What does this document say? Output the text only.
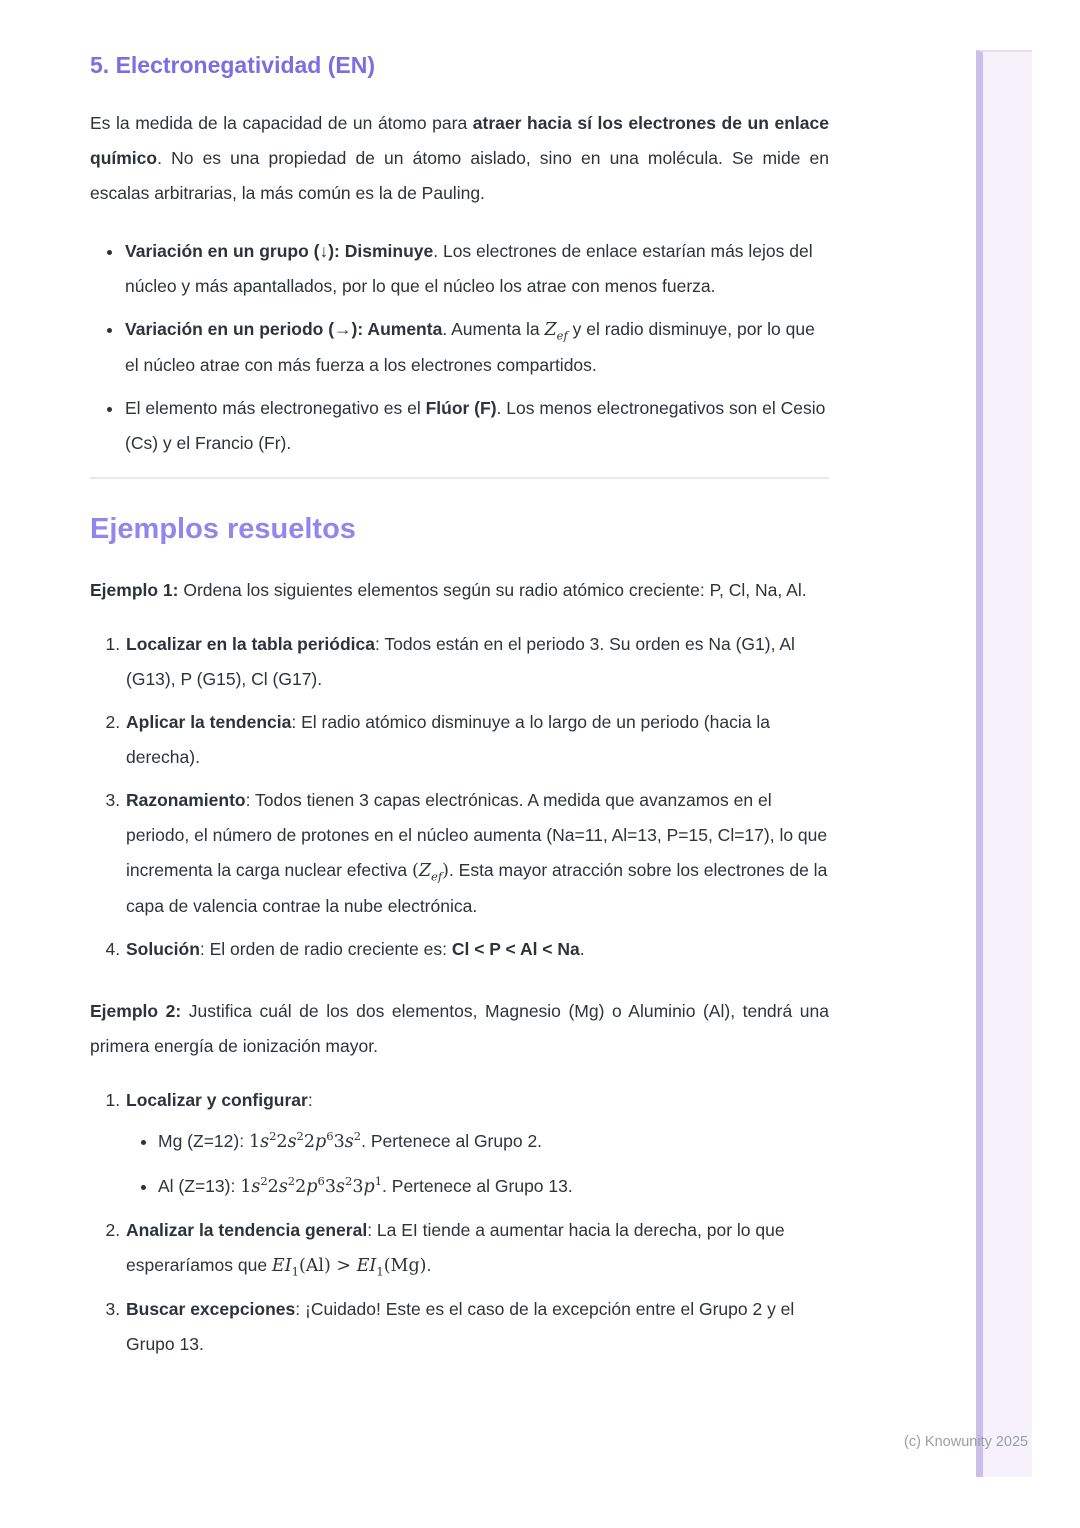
5. Electronegatividad (EN)

Es la medida de la capacidad de un átomo para atraer hacia sí los electrones de un enlace químico. No es una propiedad de un átomo aislado, sino en una molécula. Se mide en escalas arbitrarias, la más común es la de Pauling.

• Variación en un grupo (↓): Disminuye. Los electrones de enlace estarían más lejos del núcleo y más apantallados, por lo que el núcleo los atrae con menos fuerza.
• Variación en un periodo (→): Aumenta. Aumenta la $Z_{ef}$ y el radio disminuye, por lo que el núcleo atrae con más fuerza a los electrones compartidos.
• El elemento más electronegativo es el Flúor (F). Los menos electronegativos son el Cesio (Cs) y el Francio (Fr).
Ejemplos resueltos

Ejemplo 1: Ordena los siguientes elementos según su radio atómico creciente: P, Cl, Na, Al.

1. Localizar en la tabla periódica: Todos están en el periodo 3. Su orden es Na (G1), Al (G13), P (G15), Cl (G17).
2. Aplicar la tendencia: El radio atómico disminuye a lo largo de un periodo (hacia la derecha).
3. Razonamiento: Todos tienen 3 capas electrónicas. A medida que avanzamos en el periodo, el número de protones en el núcleo aumenta (Na=11, Al=13, P=15, Cl=17), lo que incrementa la carga nuclear efectiva $(Z_{ef})$. Esta mayor atracción sobre los electrones de la capa de valencia contrae la nube electrónica.
4. Solución: El orden de radio creciente es: Cl < P < Al < Na.

Ejemplo 2: Justifica cuál de los dos elementos, Magnesio (Mg) o Aluminio (Al), tendrá una primera energía de ionización mayor.

1. Localizar y configurar:
• Mg (Z=12): $1s^22s^22p^63s^2$. Pertenece al Grupo 2.
• Al (Z=13): $1s^22s^22p^63s^23p^1$. Pertenece al Grupo 13.
2. Analizar la tendencia general: La EI tiende a aumentar hacia la derecha, por lo que esperaríamos que $EI_1(Al) > EI_1(Mg)$.
3. Buscar excepciones: ¡Cuidado! Este es el caso de la excepción entre el Grupo 2 y el Grupo 13.
(c) Knowunity 2025
